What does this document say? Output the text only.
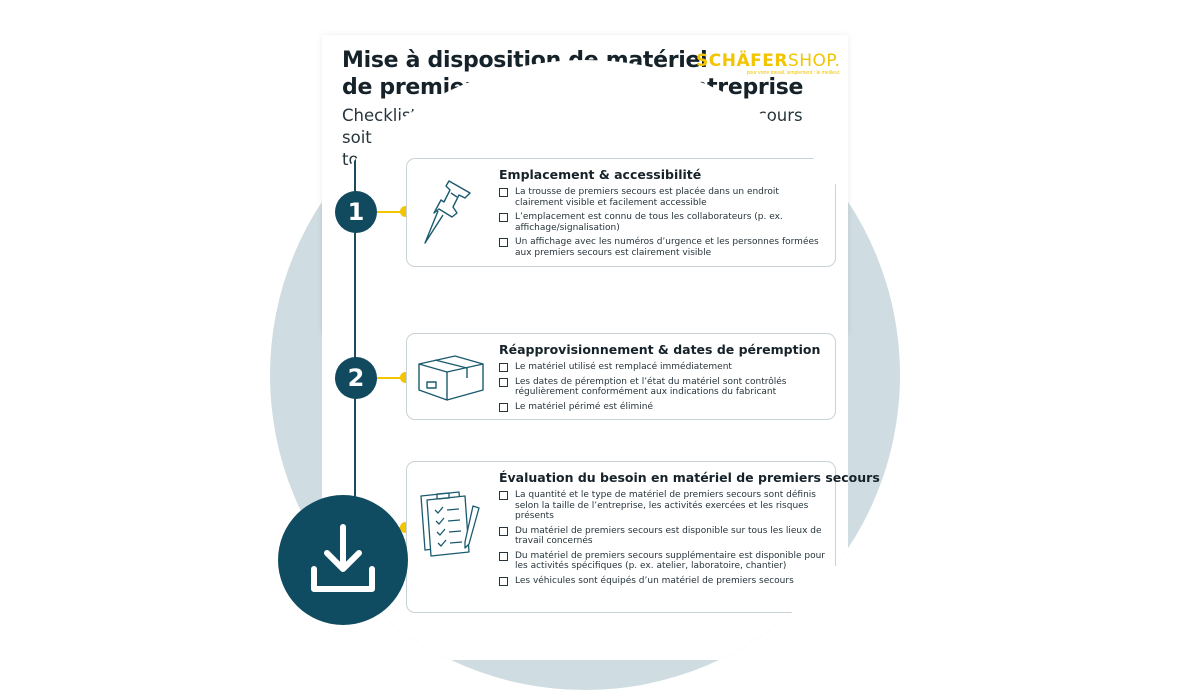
1
Emplacement & accessibilité
La trousse de premiers secours est placée dans un endroit clairement visible et facilement accessible
L’emplacement est connu de tous les collaborateurs (p. ex. affichage/signalisation)
Un affichage avec les numéros d’urgence et les personnes formées aux premiers secours est clairement visible
2
Réapprovisionnement & dates de péremption
Le matériel utilisé est remplacé immédiatement
Les dates de péremption et l’état du matériel sont contrôlés régulièrement conformément aux indications du fabricant
Le matériel périmé est éliminé
Évaluation du besoin en matériel de premiers secours
La quantité et le type de matériel de premiers secours sont définis selon la taille de l’entreprise, les activités exercées et les risques présents
Du matériel de premiers secours est disponible sur tous les lieux de travail concernés
Du matériel de premiers secours supplémentaire est disponible pour les activités spécifiques (p. ex. atelier, laboratoire, chantier)
Les véhicules sont équipés d’un matériel de premiers secours
